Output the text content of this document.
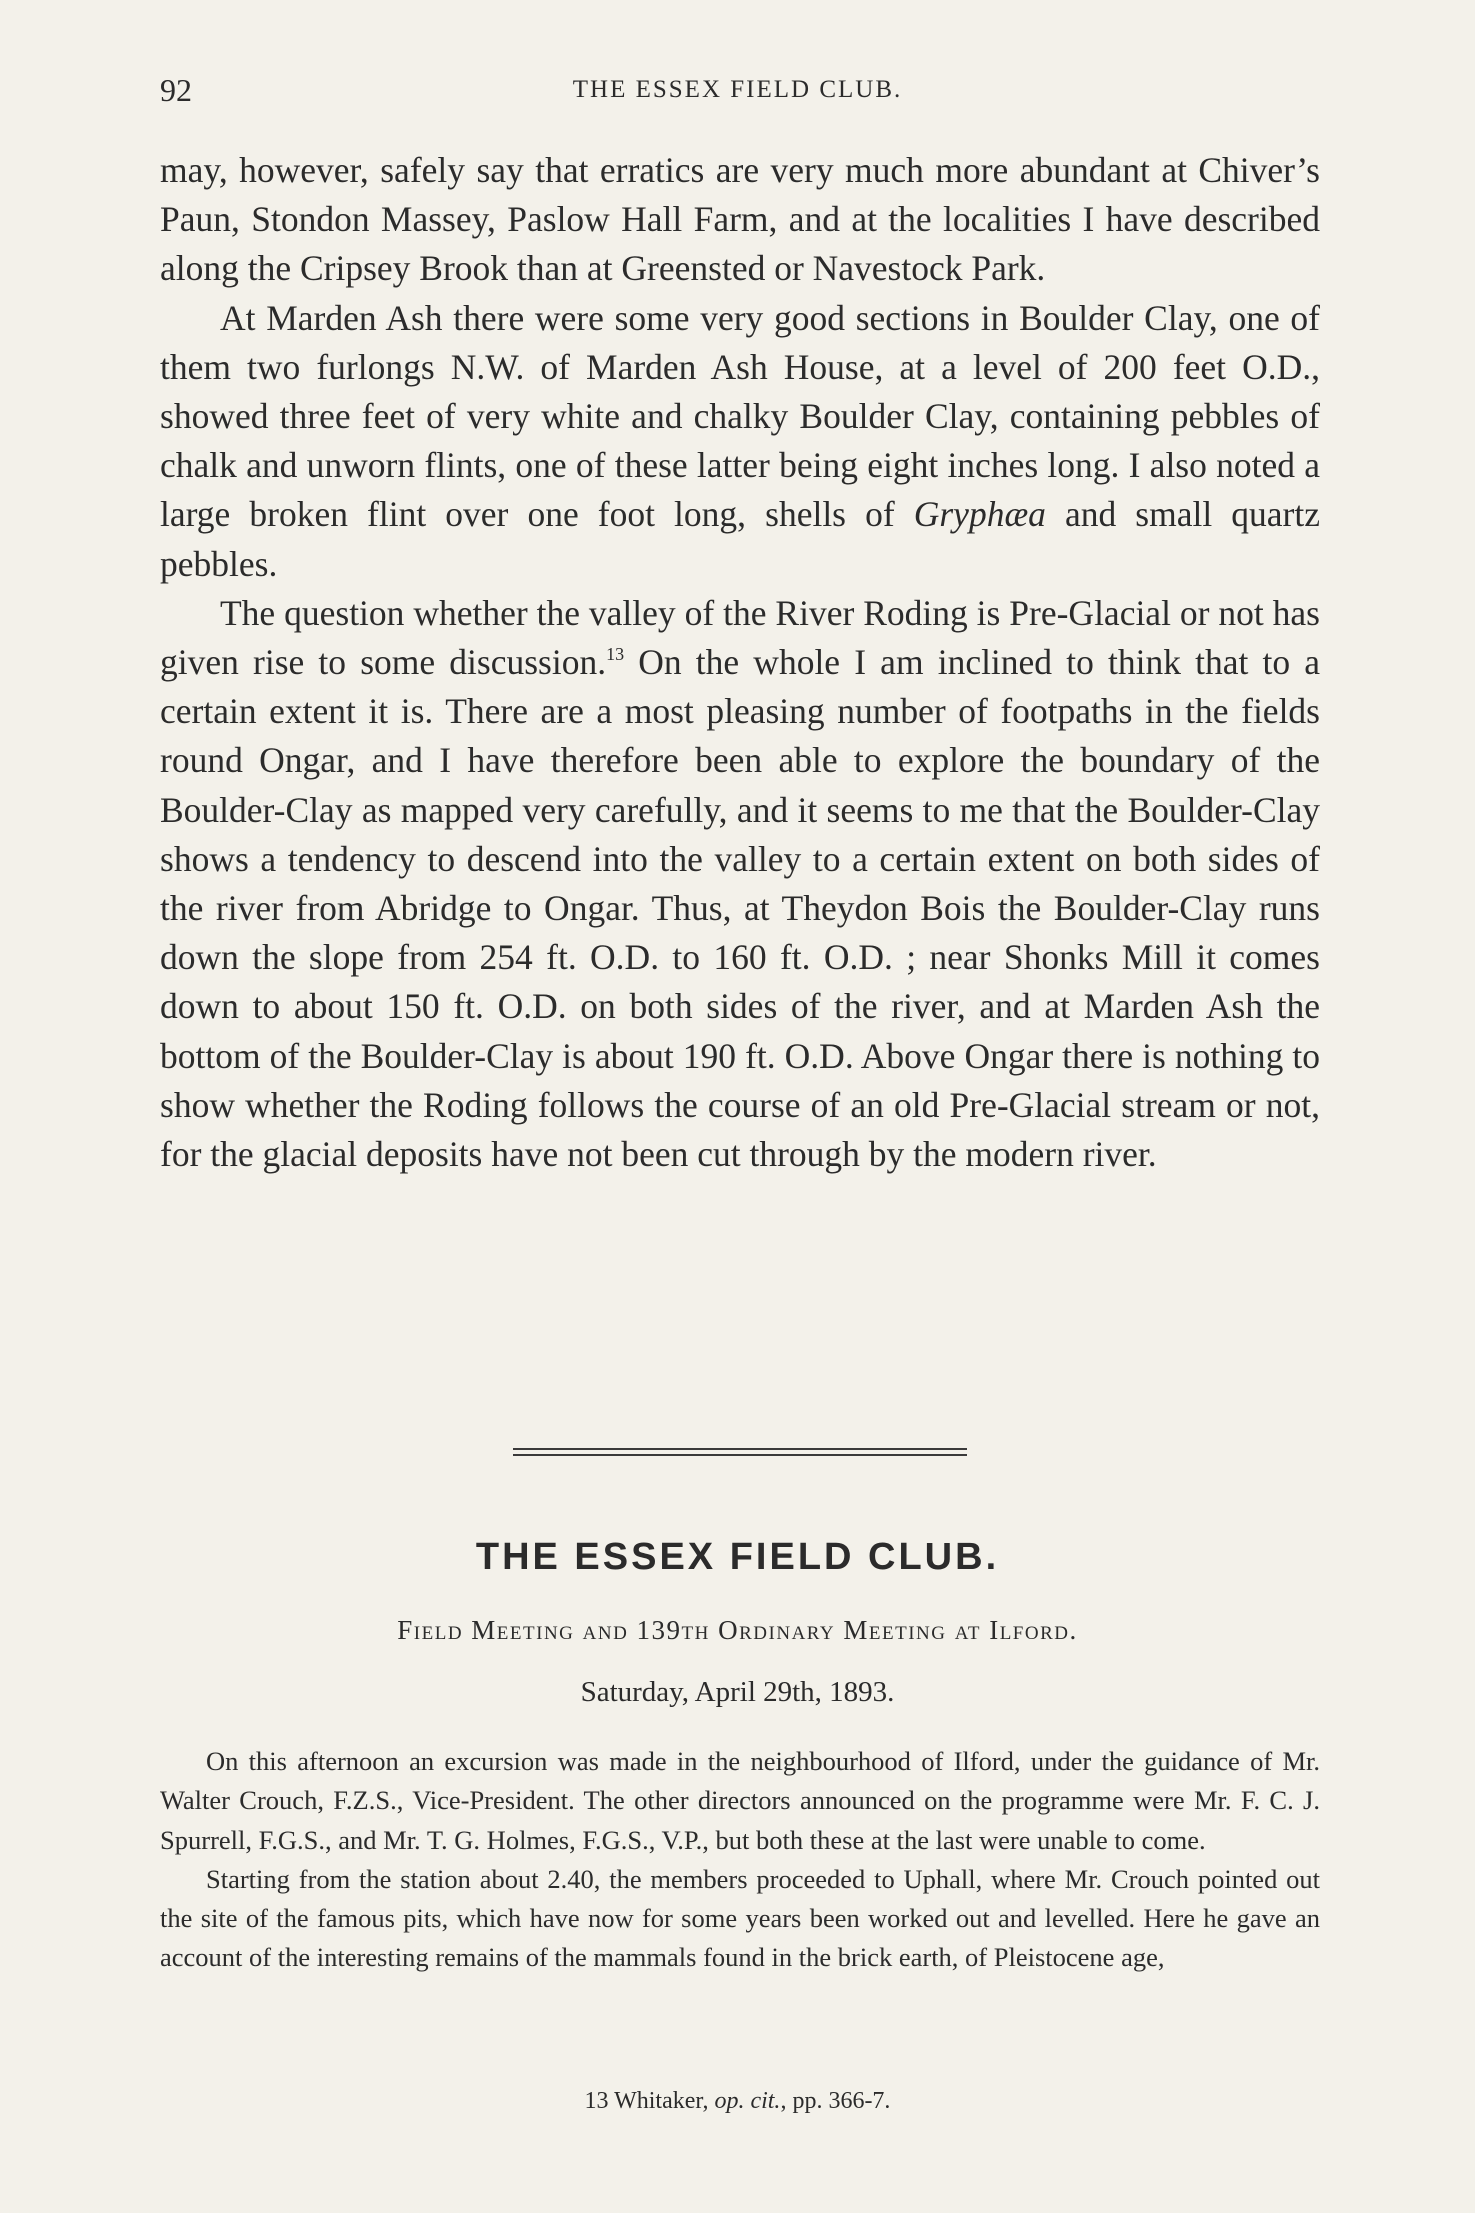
92	THE ESSEX FIELD CLUB.

may, however, safely say that erratics are very much more abundant at Chiver’s Paun, Stondon Massey, Paslow Hall Farm, and at the localities I have described along the Cripsey Brook than at Greensted or Navestock Park.

At Marden Ash there were some very good sections in Boulder Clay, one of them two furlongs N.W. of Marden Ash House, at a level of 200 feet O.D., showed three feet of very white and chalky Boulder Clay, containing pebbles of chalk and unworn flints, one of these latter being eight inches long. I also noted a large broken flint over one foot long, shells of Gryphæa and small quartz pebbles.

The question whether the valley of the River Roding is Pre-Glacial or not has given rise to some discussion.$^{13}$ On the whole I am inclined to think that to a certain extent it is. There are a most pleasing number of footpaths in the fields round Ongar, and I have therefore been able to explore the boundary of the Boulder-Clay as mapped very carefully, and it seems to me that the Boulder-Clay shows a tendency to descend into the valley to a certain extent on both sides of the river from Abridge to Ongar. Thus, at Theydon Bois the Boulder-Clay runs down the slope from 254 ft. O.D. to 160 ft. O.D. ; near Shonks Mill it comes down to about 150 ft. O.D. on both sides of the river, and at Marden Ash the bottom of the Boulder-Clay is about 190 ft. O.D. Above Ongar there is nothing to show whether the Roding follows the course of an old Pre-Glacial stream or not, for the glacial deposits have not been cut through by the modern river.

THE ESSEX FIELD CLUB.
Field Meeting and 139th Ordinary Meeting at Ilford.
Saturday, April 29th, 1893.

On this afternoon an excursion was made in the neighbourhood of Ilford, under the guidance of Mr. Walter Crouch, F.Z.S., Vice-President. The other directors announced on the programme were Mr. F. C. J. Spurrell, F.G.S., and Mr. T. G. Holmes, F.G.S., V.P., but both these at the last were unable to come.

Starting from the station about 2.40, the members proceeded to Uphall, where Mr. Crouch pointed out the site of the famous pits, which have now for some years been worked out and levelled. Here he gave an account of the interesting remains of the mammals found in the brick earth, of Pleistocene age,

13 Whitaker, op. cit., pp. 366-7.
